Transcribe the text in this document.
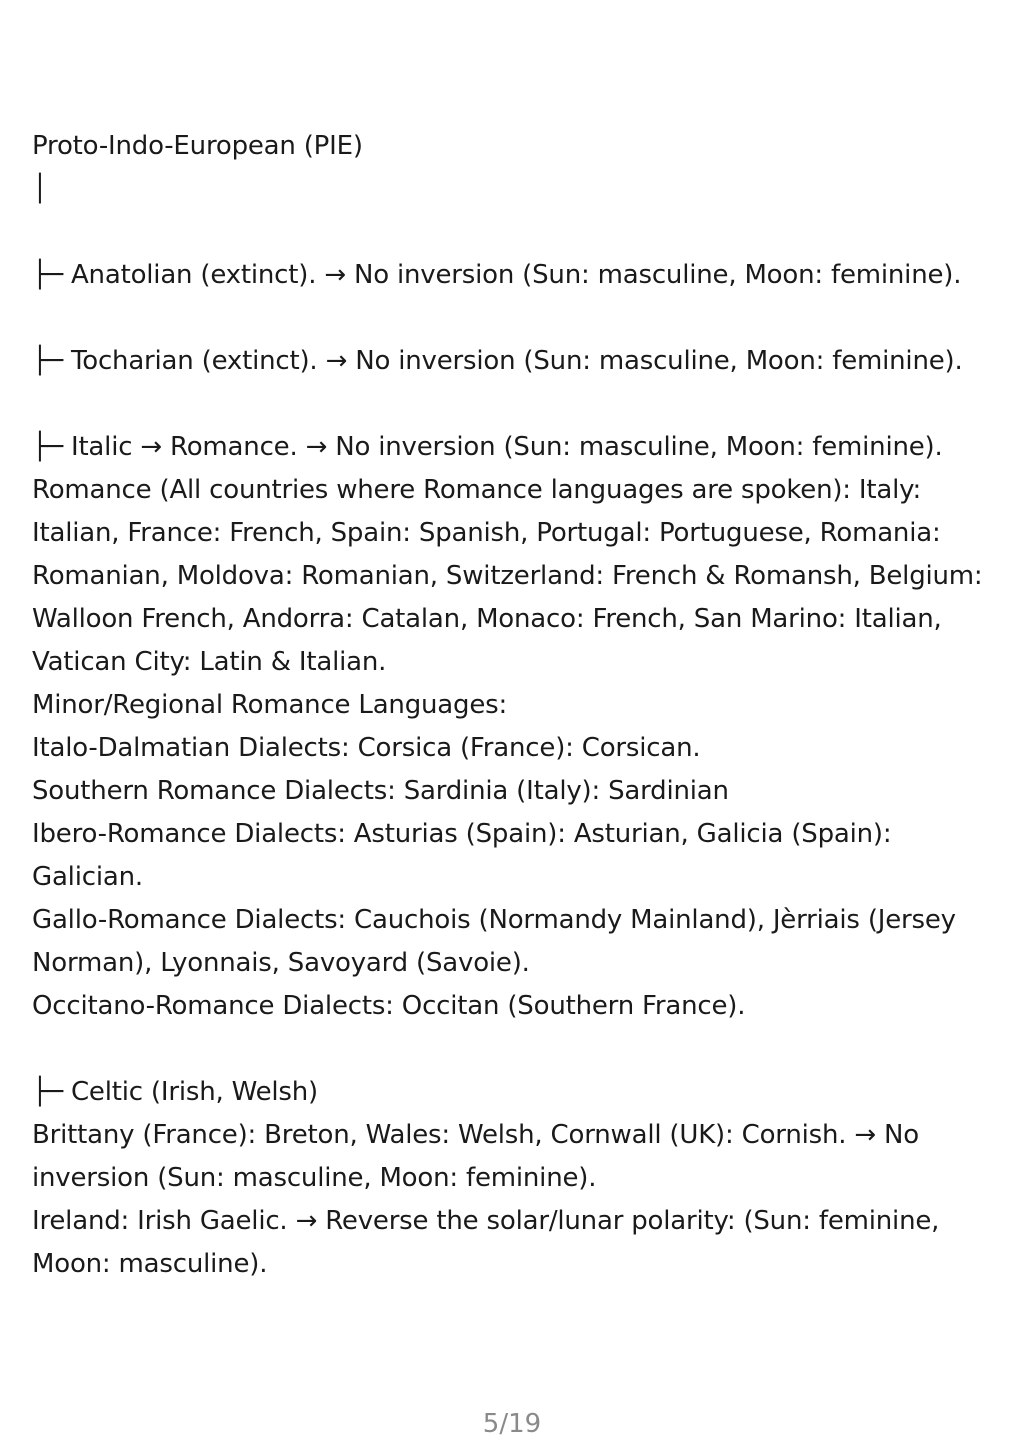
Proto-Indo-European (PIE)

│

├─ Anatolian (extinct). → No inversion (Sun: masculine, Moon: feminine).

├─ Tocharian (extinct). → No inversion (Sun: masculine, Moon: feminine).

├─ Italic → Romance. → No inversion (Sun: masculine, Moon: feminine).

Romance (All countries where Romance languages are spoken): Italy: Italian, France: French, Spain: Spanish, Portugal: Portuguese, Romania: Romanian, Moldova: Romanian, Switzerland: French & Romansh, Belgium: Walloon French, Andorra: Catalan, Monaco: French, San Marino: Italian, Vatican City: Latin & Italian.

Minor/Regional Romance Languages:

Italo-Dalmatian Dialects: Corsica (France): Corsican.

Southern Romance Dialects: Sardinia (Italy): Sardinian

Ibero-Romance Dialects: Asturias (Spain): Asturian, Galicia (Spain): Galician.

Gallo-Romance Dialects: Cauchois (Normandy Mainland), Jèrriais (Jersey Norman), Lyonnais, Savoyard (Savoie).

Occitano-Romance Dialects: Occitan (Southern France).

├─ Celtic (Irish, Welsh)

Brittany (France): Breton, Wales: Welsh, Cornwall (UK): Cornish. → No inversion (Sun: masculine, Moon: feminine).

Ireland: Irish Gaelic. → Reverse the solar/lunar polarity: (Sun: feminine, Moon: masculine).

5/19
